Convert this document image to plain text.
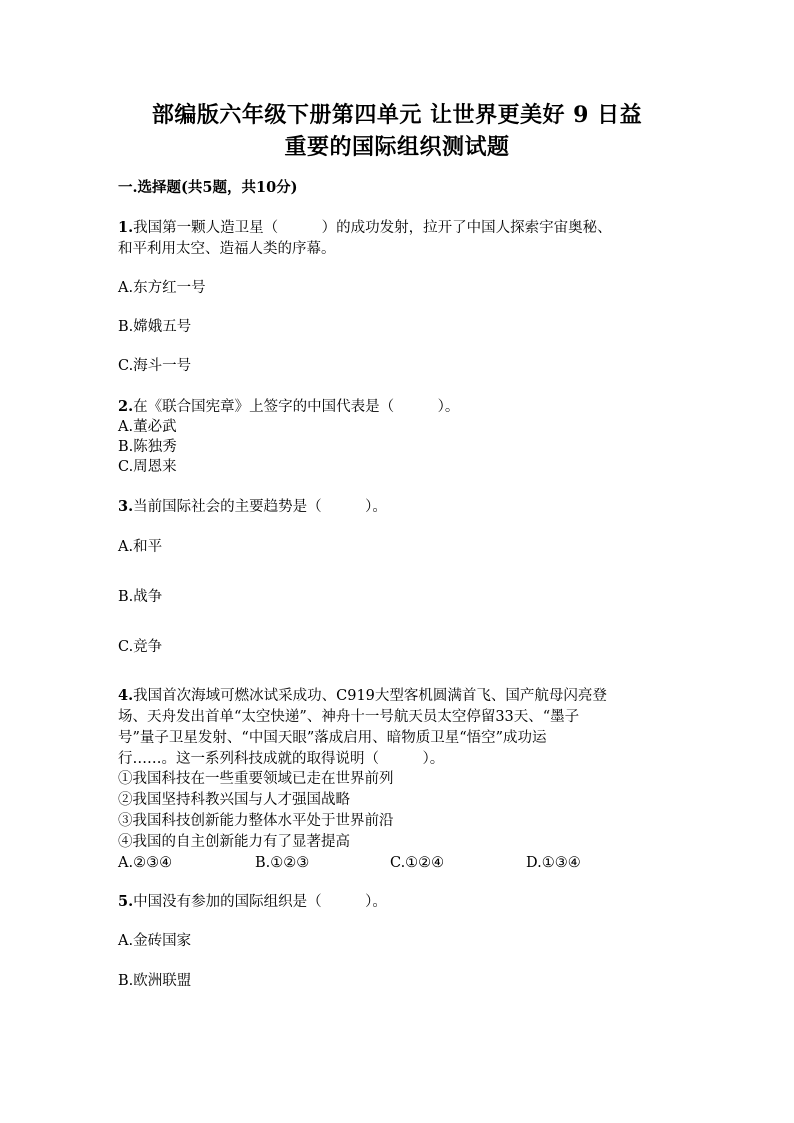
部编版六年级下册第四单元 让世界更美好 9 日益
重要的国际组织测试题
一.选择题(共5题，共10分)
1.我国第一颗人造卫星（　　　）的成功发射，拉开了中国人探索宇宙奥秘、
和平利用太空、造福人类的序幕。
A.东方红一号
B.嫦娥五号
C.海斗一号
2.在《联合国宪章》上签字的中国代表是（　　　）。
A.董必武
B.陈独秀
C.周恩来
3.当前国际社会的主要趋势是（　　　）。
A.和平
B.战争
C.竞争
4.我国首次海域可燃冰试采成功、C919大型客机圆满首飞、国产航母闪亮登
场、天舟发出首单“太空快递”、神舟十一号航天员太空停留33天、“墨子
号”量子卫星发射、“中国天眼”落成启用、暗物质卫星“悟空”成功运
行……。这一系列科技成就的取得说明（　　　）。
①我国科技在一些重要领域已走在世界前列
②我国坚持科教兴国与人才强国战略
③我国科技创新能力整体水平处于世界前沿
④我国的自主创新能力有了显著提高
A.②③④	B.①②③	C.①②④	D.①③④
5.中国没有参加的国际组织是（　　　）。
A.金砖国家
B.欧洲联盟
